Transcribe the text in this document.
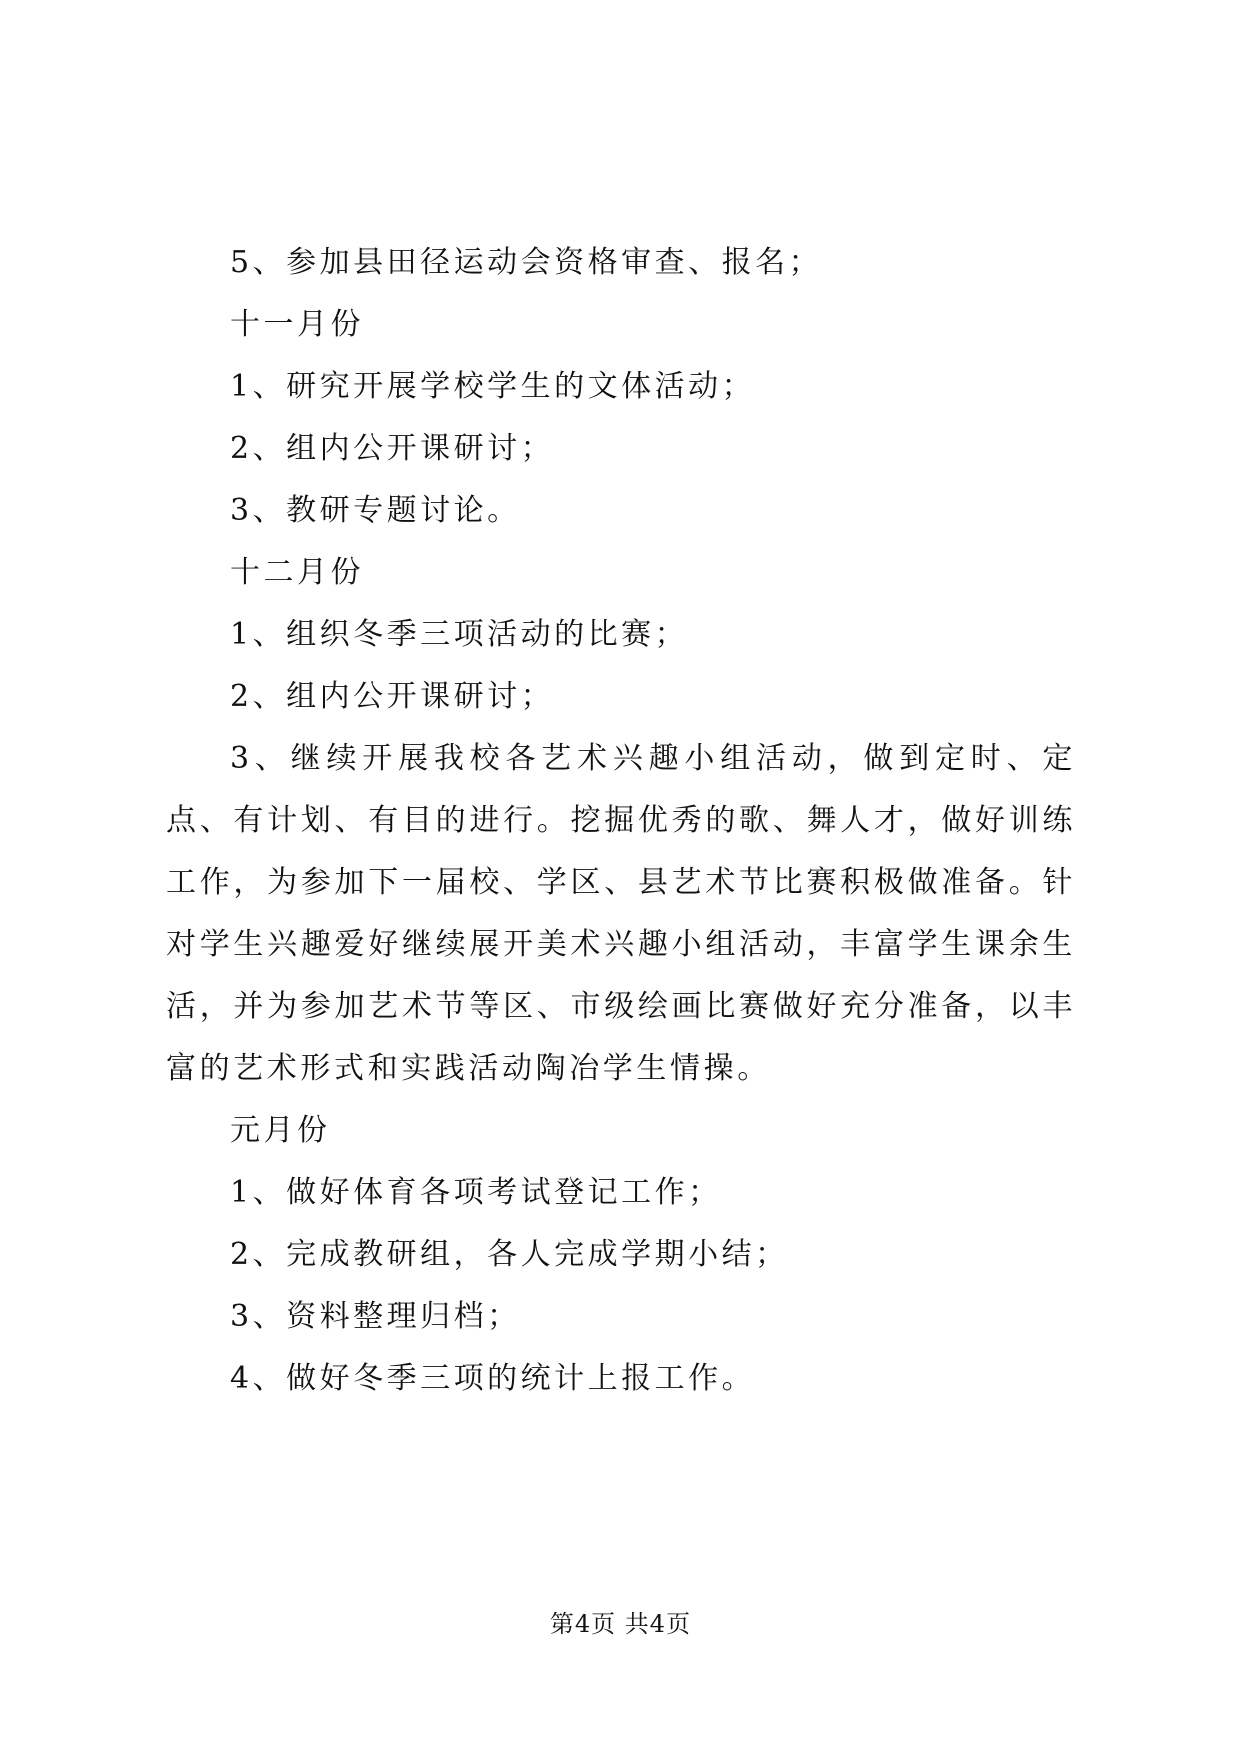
5、参加县田径运动会资格审查、报名；
十一月份
1、研究开展学校学生的文体活动；
2、组内公开课研讨；
3、教研专题讨论。
十二月份
1、组织冬季三项活动的比赛；
2、组内公开课研讨；
3、继续开展我校各艺术兴趣小组活动，做到定时、定点、有计划、有目的进行。挖掘优秀的歌、舞人才，做好训练工作，为参加下一届校、学区、县艺术节比赛积极做准备。针对学生兴趣爱好继续展开美术兴趣小组活动，丰富学生课余生活，并为参加艺术节等区、市级绘画比赛做好充分准备，以丰富的艺术形式和实践活动陶冶学生情操。
元月份
1、做好体育各项考试登记工作；
2、完成教研组，各人完成学期小结；
3、资料整理归档；
4、做好冬季三项的统计上报工作。
第4页 共4页
